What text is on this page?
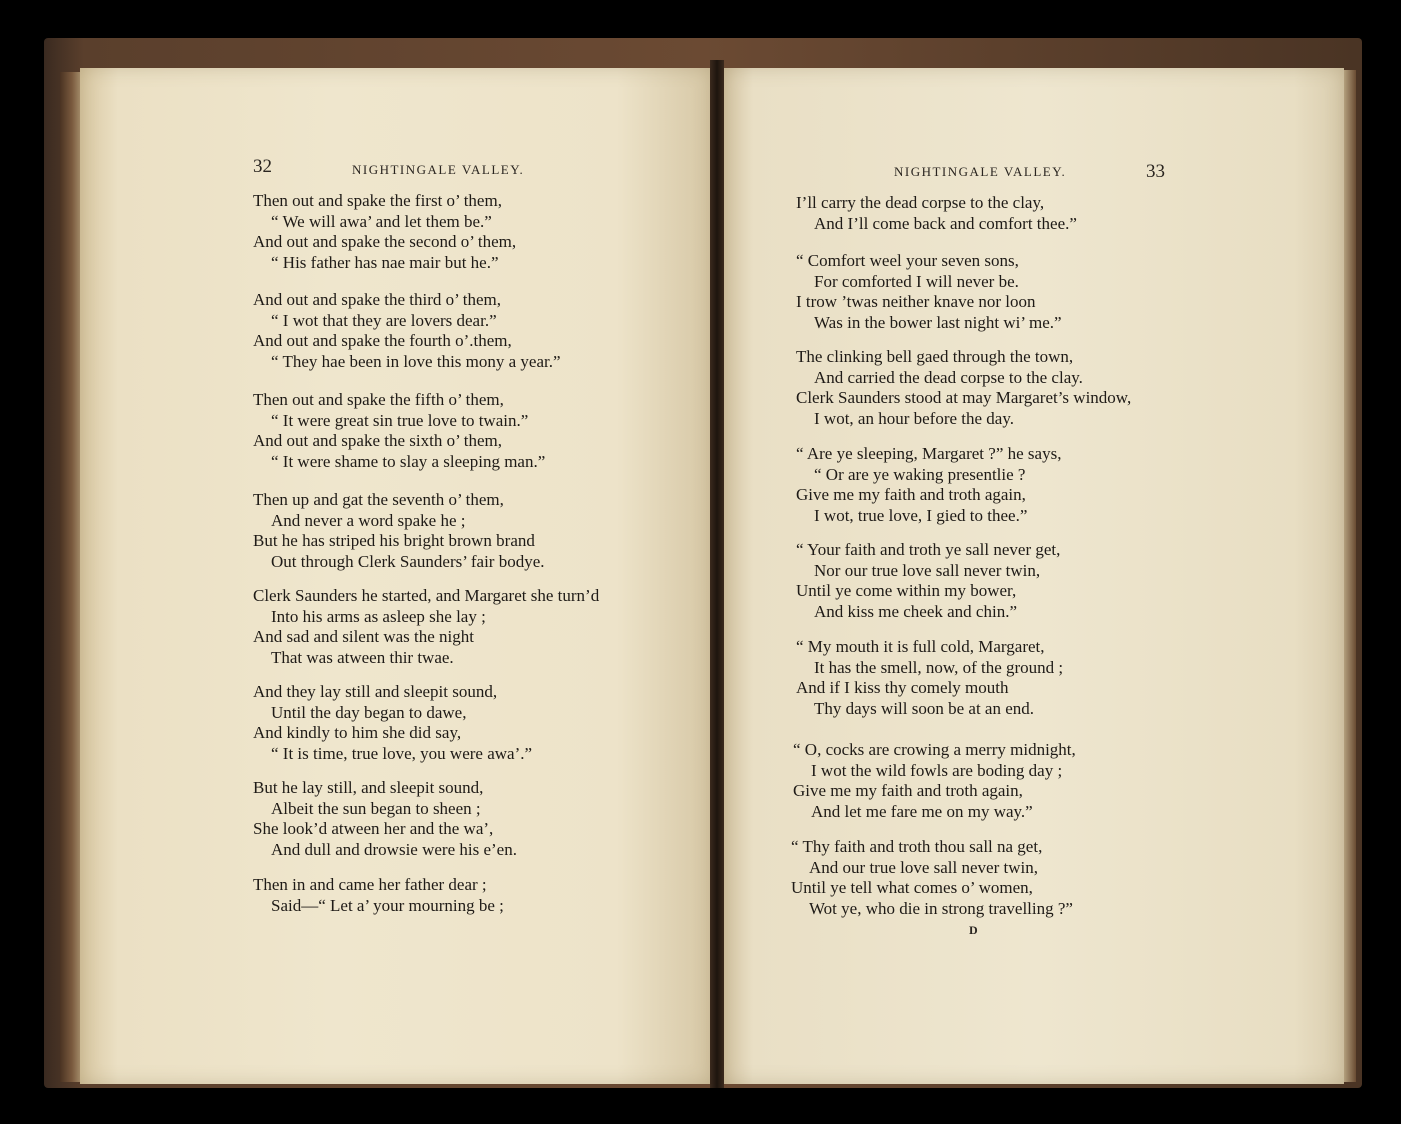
32	NIGHTINGALE VALLEY.
Then out and spake the first o’ them,
“ We will awa’ and let them be.”
And out and spake the second o’ them,
“ His father has nae mair but he.”
And out and spake the third o’ them,
“ I wot that they are lovers dear.”
And out and spake the fourth o’.them,
“ They hae been in love this mony a year.”
Then out and spake the fifth o’ them,
“ It were great sin true love to twain.”
And out and spake the sixth o’ them,
“ It were shame to slay a sleeping man.”
Then up and gat the seventh o’ them,
And never a word spake he ;
But he has striped his bright brown brand
Out through Clerk Saunders’ fair bodye.
Clerk Saunders he started, and Margaret she turn’d
Into his arms as asleep she lay ;
And sad and silent was the night
That was atween thir twae.
And they lay still and sleepit sound,
Until the day began to dawe,
And kindly to him she did say,
“ It is time, true love, you were awa’.”
But he lay still, and sleepit sound,
Albeit the sun began to sheen ;
She look’d atween her and the wa’,
And dull and drowsie were his e’en.
Then in and came her father dear ;
Said—“ Let a’ your mourning be ;
NIGHTINGALE VALLEY.	33
I’ll carry the dead corpse to the clay,
And I’ll come back and comfort thee.”
“ Comfort weel your seven sons,
For comforted I will never be.
I trow ’twas neither knave nor loon
Was in the bower last night wi’ me.”
The clinking bell gaed through the town,
And carried the dead corpse to the clay.
Clerk Saunders stood at may Margaret’s window,
I wot, an hour before the day.
“ Are ye sleeping, Margaret ?” he says,
“ Or are ye waking presentlie ?
Give me my faith and troth again,
I wot, true love, I gied to thee.”
“ Your faith and troth ye sall never get,
Nor our true love sall never twin,
Until ye come within my bower,
And kiss me cheek and chin.”
“ My mouth it is full cold, Margaret,
It has the smell, now, of the ground ;
And if I kiss thy comely mouth
Thy days will soon be at an end.
“ O, cocks are crowing a merry midnight,
I wot the wild fowls are boding day ;
Give me my faith and troth again,
And let me fare me on my way.”
“ Thy faith and troth thou sall na get,
And our true love sall never twin,
Until ye tell what comes o’ women,
Wot ye, who die in strong travelling ?”
D
